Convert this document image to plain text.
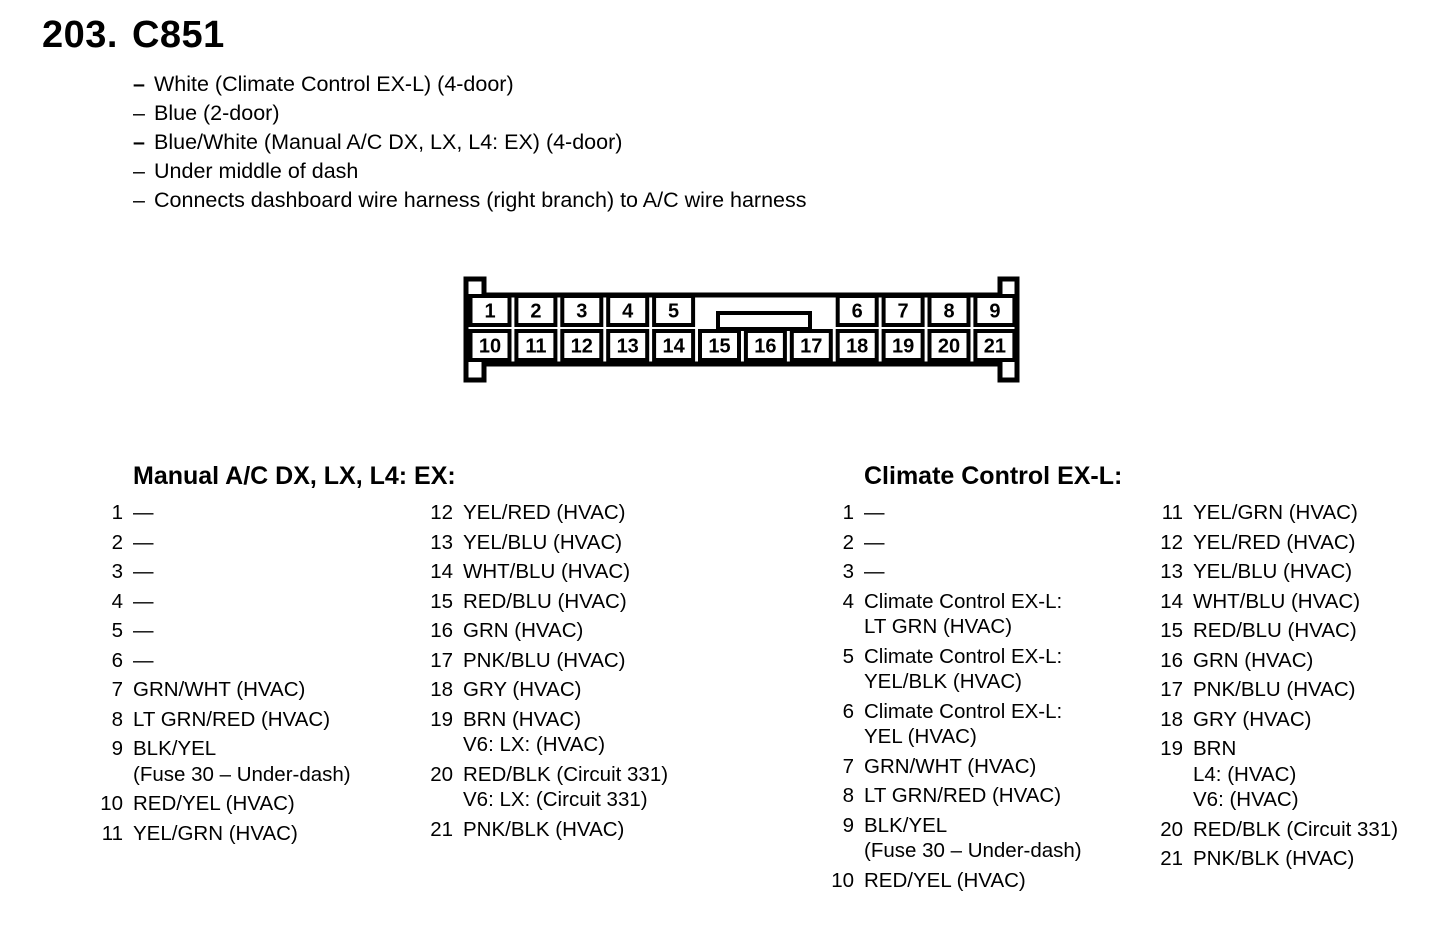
203. C851
– White (Climate Control EX-L) (4-door)
– Blue (2-door)
– Blue/White (Manual A/C DX, LX, L4: EX) (4-door)
– Under middle of dash
– Connects dashboard wire harness (right branch) to A/C wire harness
1 2 3 4 5	6 7 8 9
10 11 12 13 14 15 16 17 18 19 20 21
Manual A/C DX, LX, L4: EX:
1 —
2 —
3 —
4 —
5 —
6 —
7 GRN/WHT (HVAC)
8 LT GRN/RED (HVAC)
9 BLK/YEL
(Fuse 30 – Under-dash)
10 RED/YEL (HVAC)
11 YEL/GRN (HVAC)
12 YEL/RED (HVAC)
13 YEL/BLU (HVAC)
14 WHT/BLU (HVAC)
15 RED/BLU (HVAC)
16 GRN (HVAC)
17 PNK/BLU (HVAC)
18 GRY (HVAC)
19 BRN (HVAC)
V6: LX: (HVAC)
20 RED/BLK (Circuit 331)
V6: LX: (Circuit 331)
21 PNK/BLK (HVAC)
Climate Control EX-L:
1 —
2 —
3 —
4 Climate Control EX-L:
LT GRN (HVAC)
5 Climate Control EX-L:
YEL/BLK (HVAC)
6 Climate Control EX-L:
YEL (HVAC)
7 GRN/WHT (HVAC)
8 LT GRN/RED (HVAC)
9 BLK/YEL
(Fuse 30 – Under-dash)
10 RED/YEL (HVAC)
11 YEL/GRN (HVAC)
12 YEL/RED (HVAC)
13 YEL/BLU (HVAC)
14 WHT/BLU (HVAC)
15 RED/BLU (HVAC)
16 GRN (HVAC)
17 PNK/BLU (HVAC)
18 GRY (HVAC)
19 BRN
L4: (HVAC)
V6: (HVAC)
20 RED/BLK (Circuit 331)
21 PNK/BLK (HVAC)
